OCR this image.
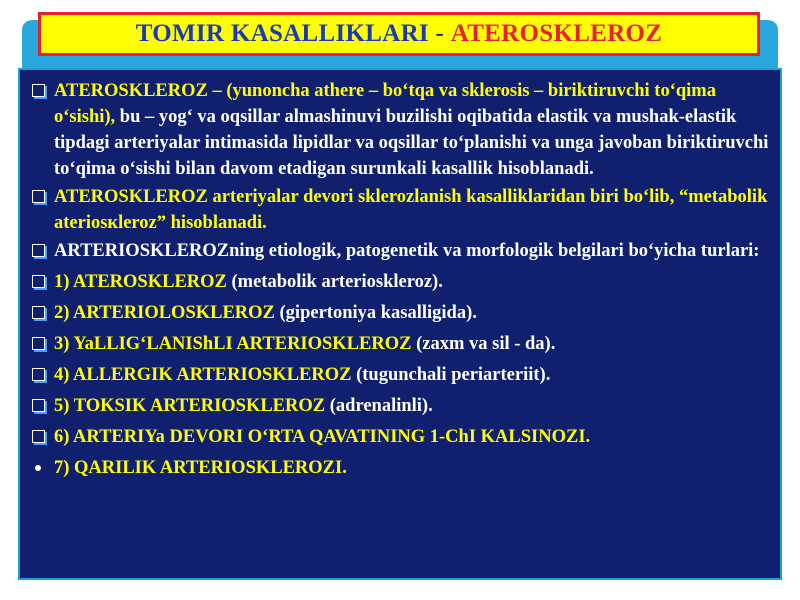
TOMIR KASALLIKLARI - ATEROSKLEROZ
ATEROSKLEROZ – (yunoncha athere – bo‘tqa va sklerosis – biriktiruvchi to‘qima o‘sishi), bu – yog‘ va oqsillar almashinuvi buzilishi oqibatida elastik va mushak-elastik tipdagi arteriyalar intimasida lipidlar va oqsillar to‘planishi va unga javoban biriktiruvchi to‘qima o‘sishi bilan davom etadigan surunkali kasallik hisoblanadi.
ATEROSKLEROZ arteriyalar devori sklerozlanish kasalliklaridan biri bo‘lib, “metabolik ateriosкleroz” hisoblanadi.
ARTERIOSKLEROZning etiologik, patogenetik va morfologik belgilari bo‘yicha turlari:
1) ATEROSKLEROZ (metabolik arterioskleroz).
2) ARTERIOLOSKLEROZ (gipertoniya kasalligida).
3) YaLLIG‘LANIShLI ARTERIOSKLEROZ (zaxm va sil - da).
4) ALLERGIK ARTERIOSKLEROZ (tugunchali periarteriit).
5) TOKSIK ARTERIOSKLEROZ (adrenalinli).
6) ARTERIYa DEVORI O‘RTA QAVATINING 1-ChI KALSINOZI.
7) QARILIK ARTERIOSKLEROZI.
